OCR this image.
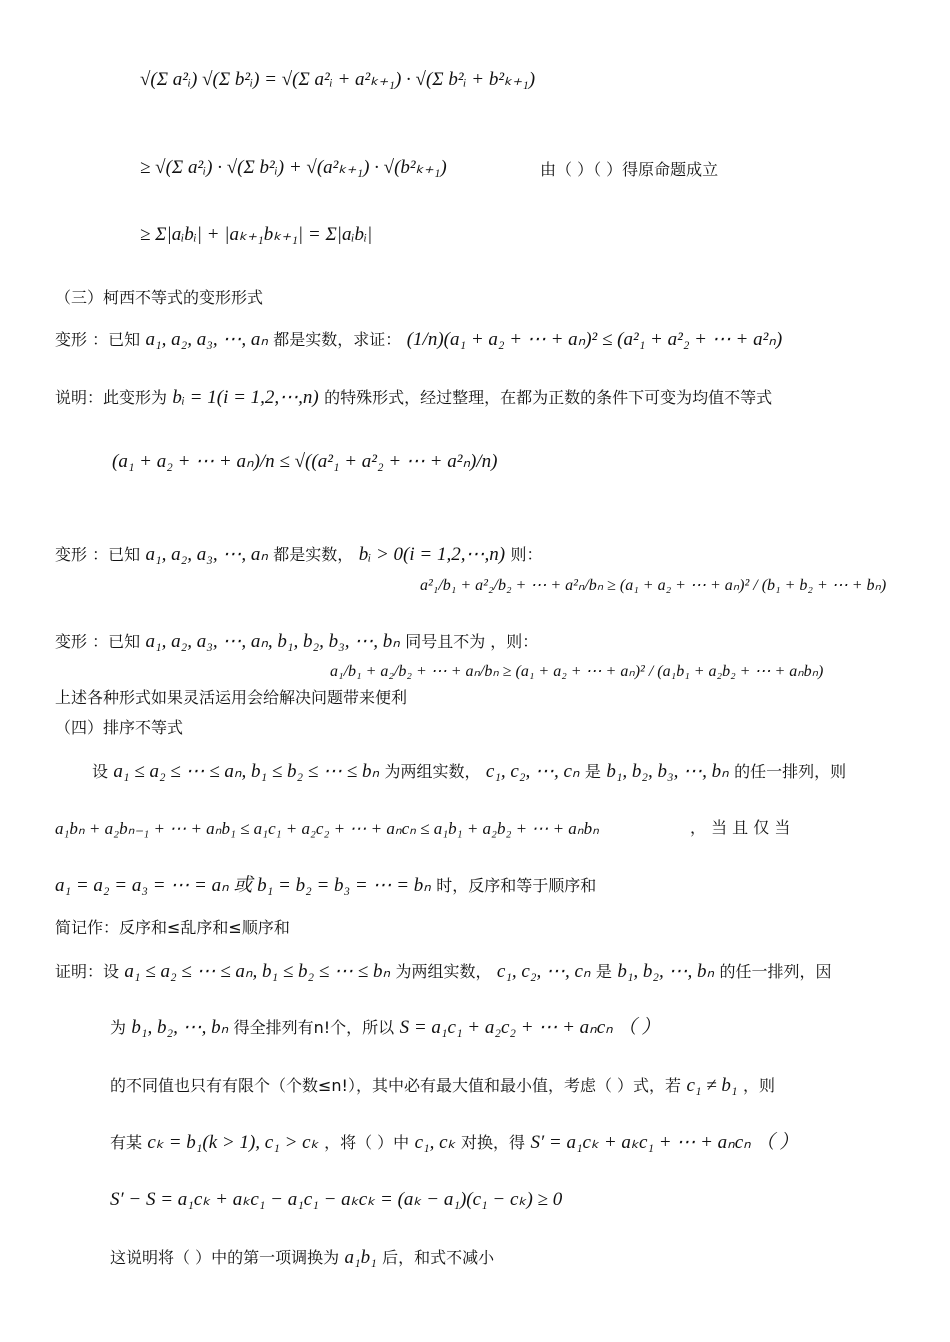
√(Σ a²ᵢ) √(Σ b²ᵢ) = √(Σ a²ᵢ + a²ₖ₊₁) · √(Σ b²ᵢ + b²ₖ₊₁)
≥ √(Σ a²ᵢ) · √(Σ b²ᵢ) + √(a²ₖ₊₁) · √(b²ₖ₊₁)	由（ ）（ ）得原命题成立
≥ Σ|aᵢbᵢ| + |aₖ₊₁bₖ₊₁| = Σ|aᵢbᵢ|
（三）柯西不等式的变形形式
变形 ：已知 a₁, a₂, a₃, ⋯, aₙ 都是实数，求证： (1/n)(a₁ + a₂ + ⋯ + aₙ)² ≤ (a²₁ + a²₂ + ⋯ + a²ₙ)
说明：此变形为 bᵢ = 1(i = 1,2,⋯,n) 的特殊形式，经过整理，在都为正数的条件下可变为均值不等式
(a₁ + a₂ + ⋯ + aₙ)/n ≤ √((a²₁ + a²₂ + ⋯ + a²ₙ)/n)
变形 ：已知 a₁, a₂, a₃, ⋯, aₙ 都是实数， bᵢ > 0(i = 1,2,⋯,n) 则：
a²₁/b₁ + a²₂/b₂ + ⋯ + a²ₙ/bₙ ≥ (a₁ + a₂ + ⋯ + aₙ)² / (b₁ + b₂ + ⋯ + bₙ)
变形 ：已知 a₁, a₂, a₃, ⋯, aₙ, b₁, b₂, b₃, ⋯, bₙ 同号且不为 ，则：
a₁/b₁ + a₂/b₂ + ⋯ + aₙ/bₙ ≥ (a₁ + a₂ + ⋯ + aₙ)² / (a₁b₁ + a₂b₂ + ⋯ + aₙbₙ)
上述各种形式如果灵活运用会给解决问题带来便利
（四）排序不等式
设 a₁ ≤ a₂ ≤ ⋯ ≤ aₙ, b₁ ≤ b₂ ≤ ⋯ ≤ bₙ 为两组实数， c₁, c₂, ⋯, cₙ 是 b₁, b₂, b₃, ⋯, bₙ 的任一排列，则
a₁bₙ + a₂bₙ₋₁ + ⋯ + aₙb₁ ≤ a₁c₁ + a₂c₂ + ⋯ + aₙcₙ ≤ a₁b₁ + a₂b₂ + ⋯ + aₙbₙ	， 当 且 仅 当
a₁ = a₂ = a₃ = ⋯ = aₙ 或 b₁ = b₂ = b₃ = ⋯ = bₙ 时，反序和等于顺序和
简记作：反序和≤乱序和≤顺序和
证明：设 a₁ ≤ a₂ ≤ ⋯ ≤ aₙ, b₁ ≤ b₂ ≤ ⋯ ≤ bₙ 为两组实数， c₁, c₂, ⋯, cₙ 是 b₁, b₂, ⋯, bₙ 的任一排列，因
为 b₁, b₂, ⋯, bₙ 得全排列有n!个，所以 S = a₁c₁ + a₂c₂ + ⋯ + aₙcₙ （ ）
的不同值也只有有限个（个数≤n!），其中必有最大值和最小值，考虑（ ）式，若 c₁ ≠ b₁ ，则
有某 cₖ = b₁(k > 1), c₁ > cₖ ，将（ ）中 c₁, cₖ 对换，得 S′ = a₁cₖ + aₖc₁ + ⋯ + aₙcₙ （ ）
S′ − S = a₁cₖ + aₖc₁ − a₁c₁ − aₖcₖ = (aₖ − a₁)(c₁ − cₖ) ≥ 0
这说明将（ ）中的第一项调换为 a₁b₁ 后，和式不减小
